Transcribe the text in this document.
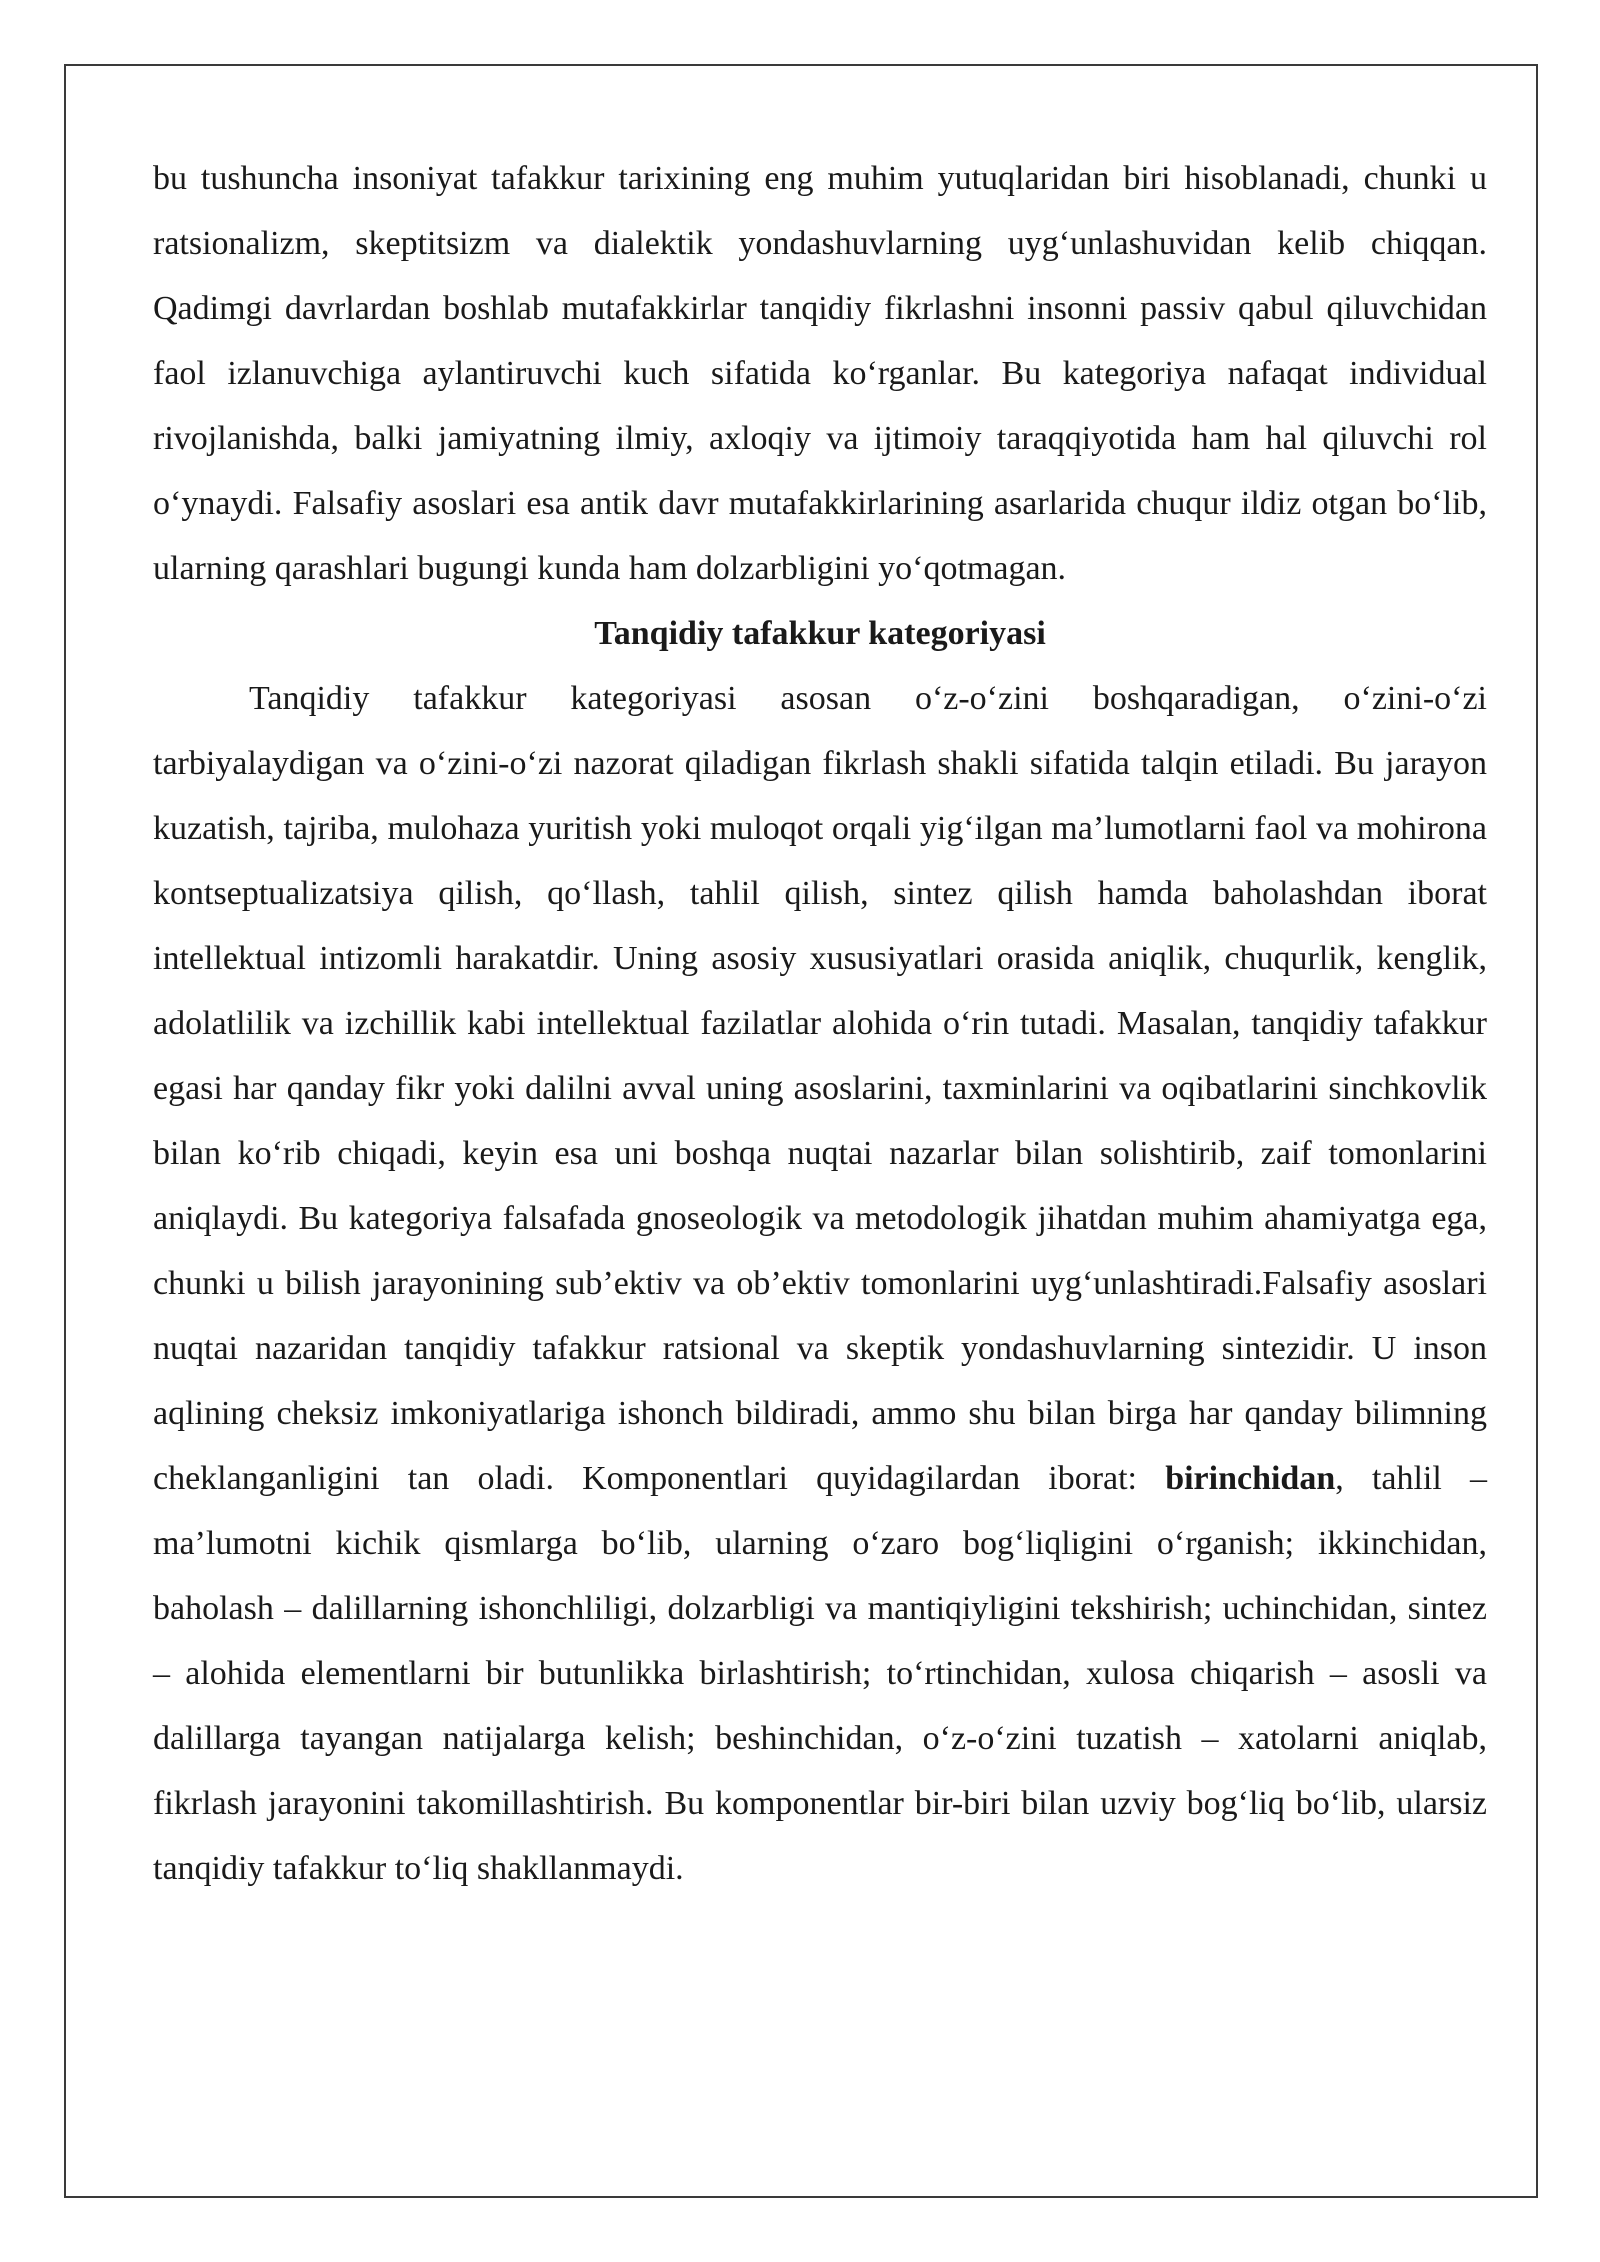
bu tushuncha insoniyat tafakkur tarixining eng muhim yutuqlaridan biri hisoblanadi, chunki u ratsionalizm, skeptitsizm va dialektik yondashuvlarning uyg‘unlashuvidan kelib chiqqan. Qadimgi davrlardan boshlab mutafakkirlar tanqidiy fikrlashni insonni passiv qabul qiluvchidan faol izlanuvchiga aylantiruvchi kuch sifatida ko‘rganlar. Bu kategoriya nafaqat individual rivojlanishda, balki jamiyatning ilmiy, axloqiy va ijtimoiy taraqqiyotida ham hal qiluvchi rol o‘ynaydi. Falsafiy asoslari esa antik davr mutafakkirlarining asarlarida chuqur ildiz otgan bo‘lib, ularning qarashlari bugungi kunda ham dolzarbligini yo‘qotmagan.

Tanqidiy tafakkur kategoriyasi

Tanqidiy tafakkur kategoriyasi asosan o‘z-o‘zini boshqaradigan, o‘zini-o‘zi tarbiyalaydigan va o‘zini-o‘zi nazorat qiladigan fikrlash shakli sifatida talqin etiladi. Bu jarayon kuzatish, tajriba, mulohaza yuritish yoki muloqot orqali yig‘ilgan ma’lumotlarni faol va mohirona kontseptualizatsiya qilish, qo‘llash, tahlil qilish, sintez qilish hamda baholashdan iborat intellektual intizomli harakatdir. Uning asosiy xususiyatlari orasida aniqlik, chuqurlik, kenglik, adolatlilik va izchillik kabi intellektual fazilatlar alohida o‘rin tutadi. Masalan, tanqidiy tafakkur egasi har qanday fikr yoki dalilni avval uning asoslarini, taxminlarini va oqibatlarini sinchkovlik bilan ko‘rib chiqadi, keyin esa uni boshqa nuqtai nazarlar bilan solishtirib, zaif tomonlarini aniqlaydi. Bu kategoriya falsafada gnoseologik va metodologik jihatdan muhim ahamiyatga ega, chunki u bilish jarayonining sub’ektiv va ob’ektiv tomonlarini uyg‘unlashtiradi.Falsafiy asoslari nuqtai nazaridan tanqidiy tafakkur ratsional va skeptik yondashuvlarning sintezidir. U inson aqlining cheksiz imkoniyatlariga ishonch bildiradi, ammo shu bilan birga har qanday bilimning cheklanganligini tan oladi. Komponentlari quyidagilardan iborat: birinchidan, tahlil – ma’lumotni kichik qismlarga bo‘lib, ularning o‘zaro bog‘liqligini o‘rganish; ikkinchidan, baholash – dalillarning ishonchliligi, dolzarbligi va mantiqiyligini tekshirish; uchinchidan, sintez – alohida elementlarni bir butunlikka birlashtirish; to‘rtinchidan, xulosa chiqarish – asosli va dalillarga tayangan natijalarga kelish; beshinchidan, o‘z-o‘zini tuzatish – xatolarni aniqlab, fikrlash jarayonini takomillashtirish. Bu komponentlar bir-biri bilan uzviy bog‘liq bo‘lib, ularsiz tanqidiy tafakkur to‘liq shakllanmaydi.
